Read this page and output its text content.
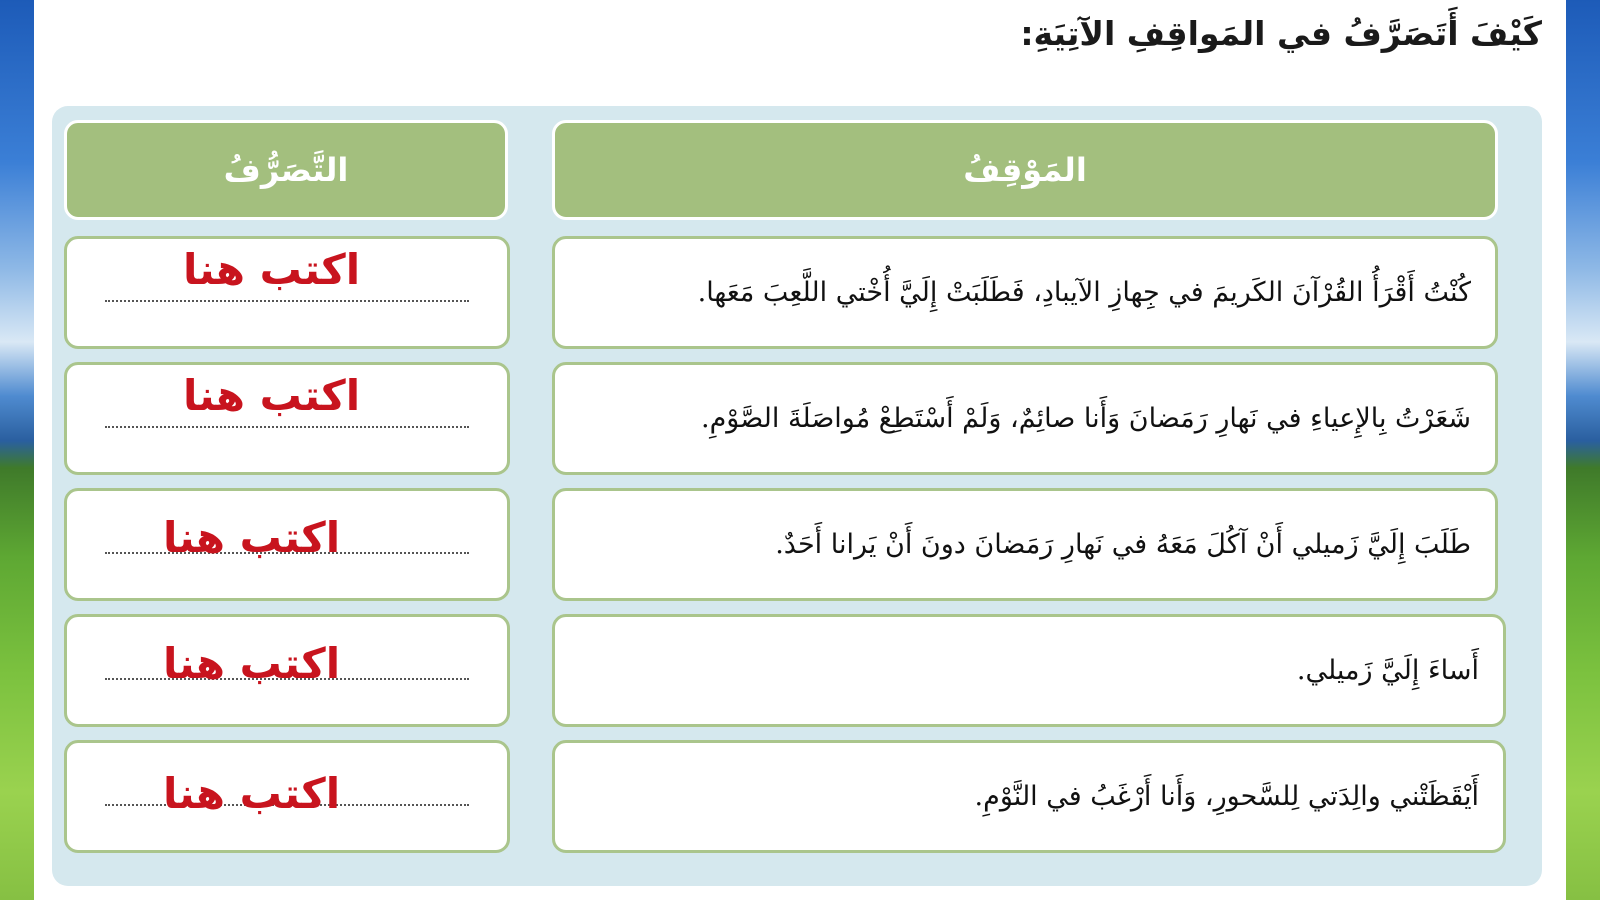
كَيْفَ أَتَصَرَّفُ في المَواقِفِ الآتِيَةِ:
التَّصَرُّفُ	المَوْقِفُ
اكتب هنا	كُنْتُ أَقْرَأُ القُرْآنَ الكَريمَ في جِهازِ الآيبادِ، فَطَلَبَتْ إِلَيَّ أُخْتي اللَّعِبَ مَعَها.
اكتب هنا	شَعَرْتُ بِالإِعياءِ في نَهارِ رَمَضانَ وَأَنا صائِمٌ، وَلَمْ أَسْتَطِعْ مُواصَلَةَ الصَّوْمِ.
اكتب هنا	طَلَبَ إِلَيَّ زَميلي أَنْ آكُلَ مَعَهُ في نَهارِ رَمَضانَ دونَ أَنْ يَرانا أَحَدٌ.
اكتب هنا	أَساءَ إِلَيَّ زَميلي.
اكتب هنا	أَيْقَظَتْني والِدَتي لِلسَّحورِ، وَأَنا أَرْغَبُ في النَّوْمِ.
